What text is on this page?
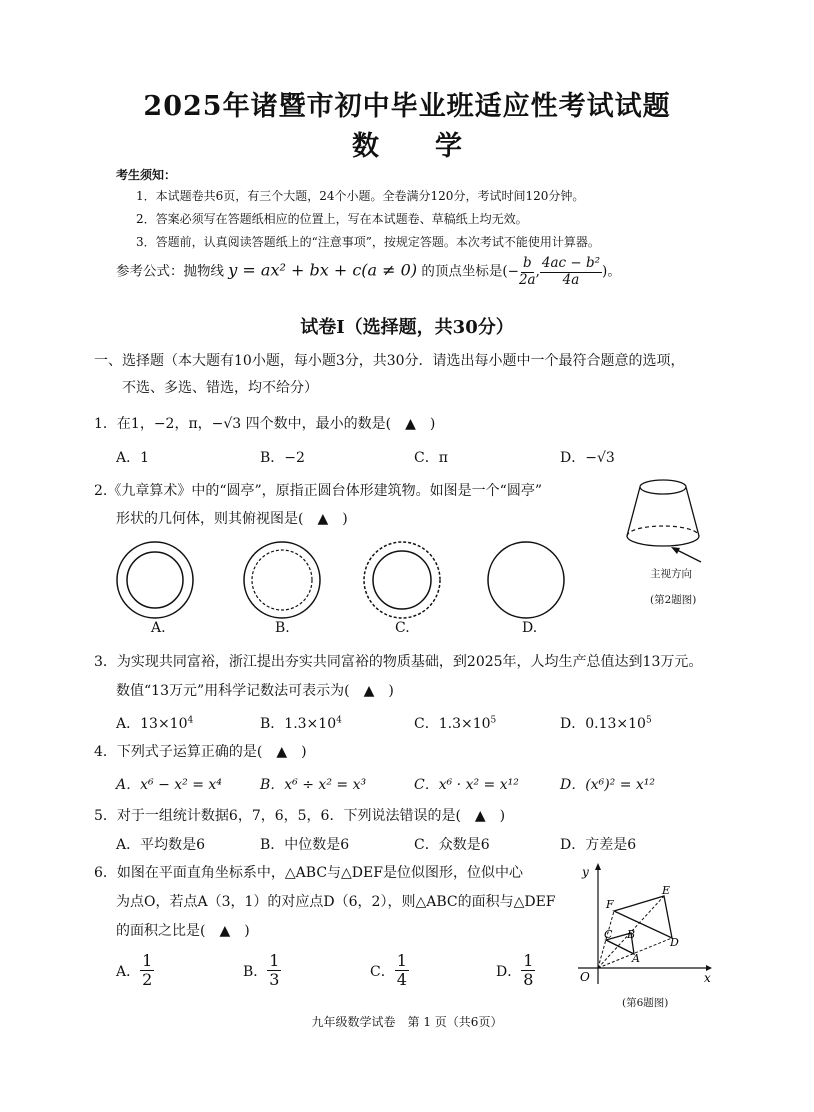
2025年诸暨市初中毕业班适应性考试试题
数 学
考生须知：
1．本试题卷共6页，有三个大题，24个小题。全卷满分120分，考试时间120分钟。
2．答案必须写在答题纸相应的位置上，写在本试题卷、草稿纸上均无效。
3．答题前，认真阅读答题纸上的“注意事项”，按规定答题。本次考试不能使用计算器。
参考公式：抛物线 y = ax² + bx + c(a ≠ 0) 的顶点坐标是(− $\frac{b}{2a}$ , $\frac{\text{4ac − b²}}{4a}$ )。
试卷Ⅰ（选择题，共30分）
一、选择题（本大题有10小题，每小题3分，共30分．请选出每小题中一个最符合题意的选项，
不选、多选、错选，均不给分）
1．在1，−2，π，−√3 四个数中，最小的数是(　▲　)
A．1	B．−2	C．π	D．−√3
2.《九章算术》中的“圆亭”，原指正圆台体形建筑物。如图是一个“圆亭”
形状的几何体，则其俯视图是(　▲　)
A.	B.	C.	D.
主视方向
(第2题图)
3．为实现共同富裕，浙江提出夯实共同富裕的物质基础，到2025年，人均生产总值达到13万元。
数值“13万元”用科学记数法可表示为(　▲　)
A．$13\times 10^4$	B．$1.3\times 10^4$	C．$1.3\times 10^5$	D．$0.13\times 10^5$
4．下列式子运算正确的是(　▲　)
A．x⁶ − x² = x⁴	B．x⁶ ÷ x² = x³	C．x⁶ · x² = x¹²	D．(x⁶)² = x¹²
5．对于一组统计数据6，7，6，5，6．下列说法错误的是(　▲　)
A．平均数是6	B．中位数是6	C．众数是6	D．方差是6
6．如图在平面直角坐标系中，△ABC与△DEF是位似图形，位似中心
为点O，若点A（3，1）的对应点D（6，2），则△ABC的面积与△DEF
的面积之比是(　▲　)
A． $\frac{1}{2}$	B． $\frac{1}{3}$	C． $\frac{1}{4}$	D． $\frac{1}{8}$
y
x
O
F
E
D
C B
A
(第6题图)
九年级数学试卷　第 1 页（共6页）
